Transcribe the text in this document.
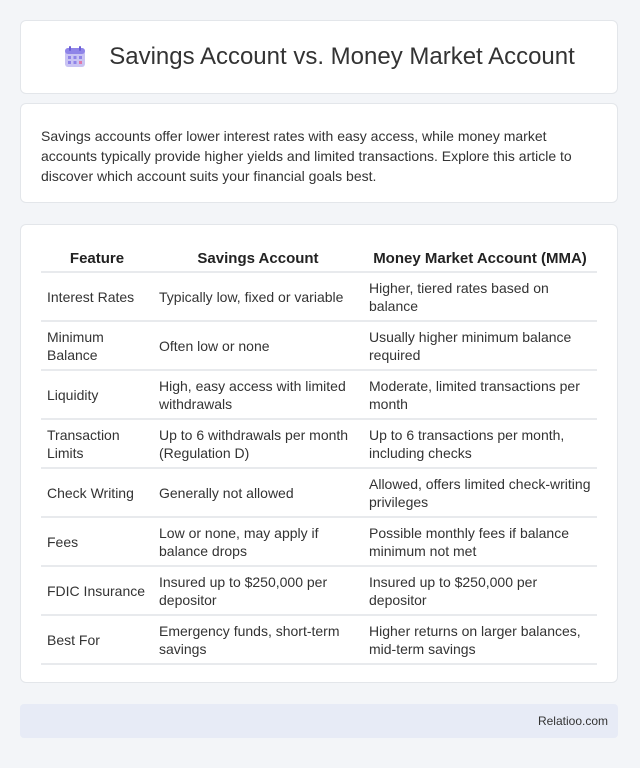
Savings Account vs. Money Market Account

Savings accounts offer lower interest rates with easy access, while money market accounts typically provide higher yields and limited transactions. Explore this article to discover which account suits your financial goals best.

Feature	Savings Account	Money Market Account (MMA)
Interest Rates	Typically low, fixed or variable	Higher, tiered rates based on balance
Minimum Balance	Often low or none	Usually higher minimum balance required
Liquidity	High, easy access with limited withdrawals	Moderate, limited transactions per month
Transaction Limits	Up to 6 withdrawals per month (Regulation D)	Up to 6 transactions per month, including checks
Check Writing	Generally not allowed	Allowed, offers limited check-writing privileges
Fees	Low or none, may apply if balance drops	Possible monthly fees if balance minimum not met
FDIC Insurance	Insured up to $250,000 per depositor	Insured up to $250,000 per depositor
Best For	Emergency funds, short-term savings	Higher returns on larger balances, mid-term savings
Relatioo.com
